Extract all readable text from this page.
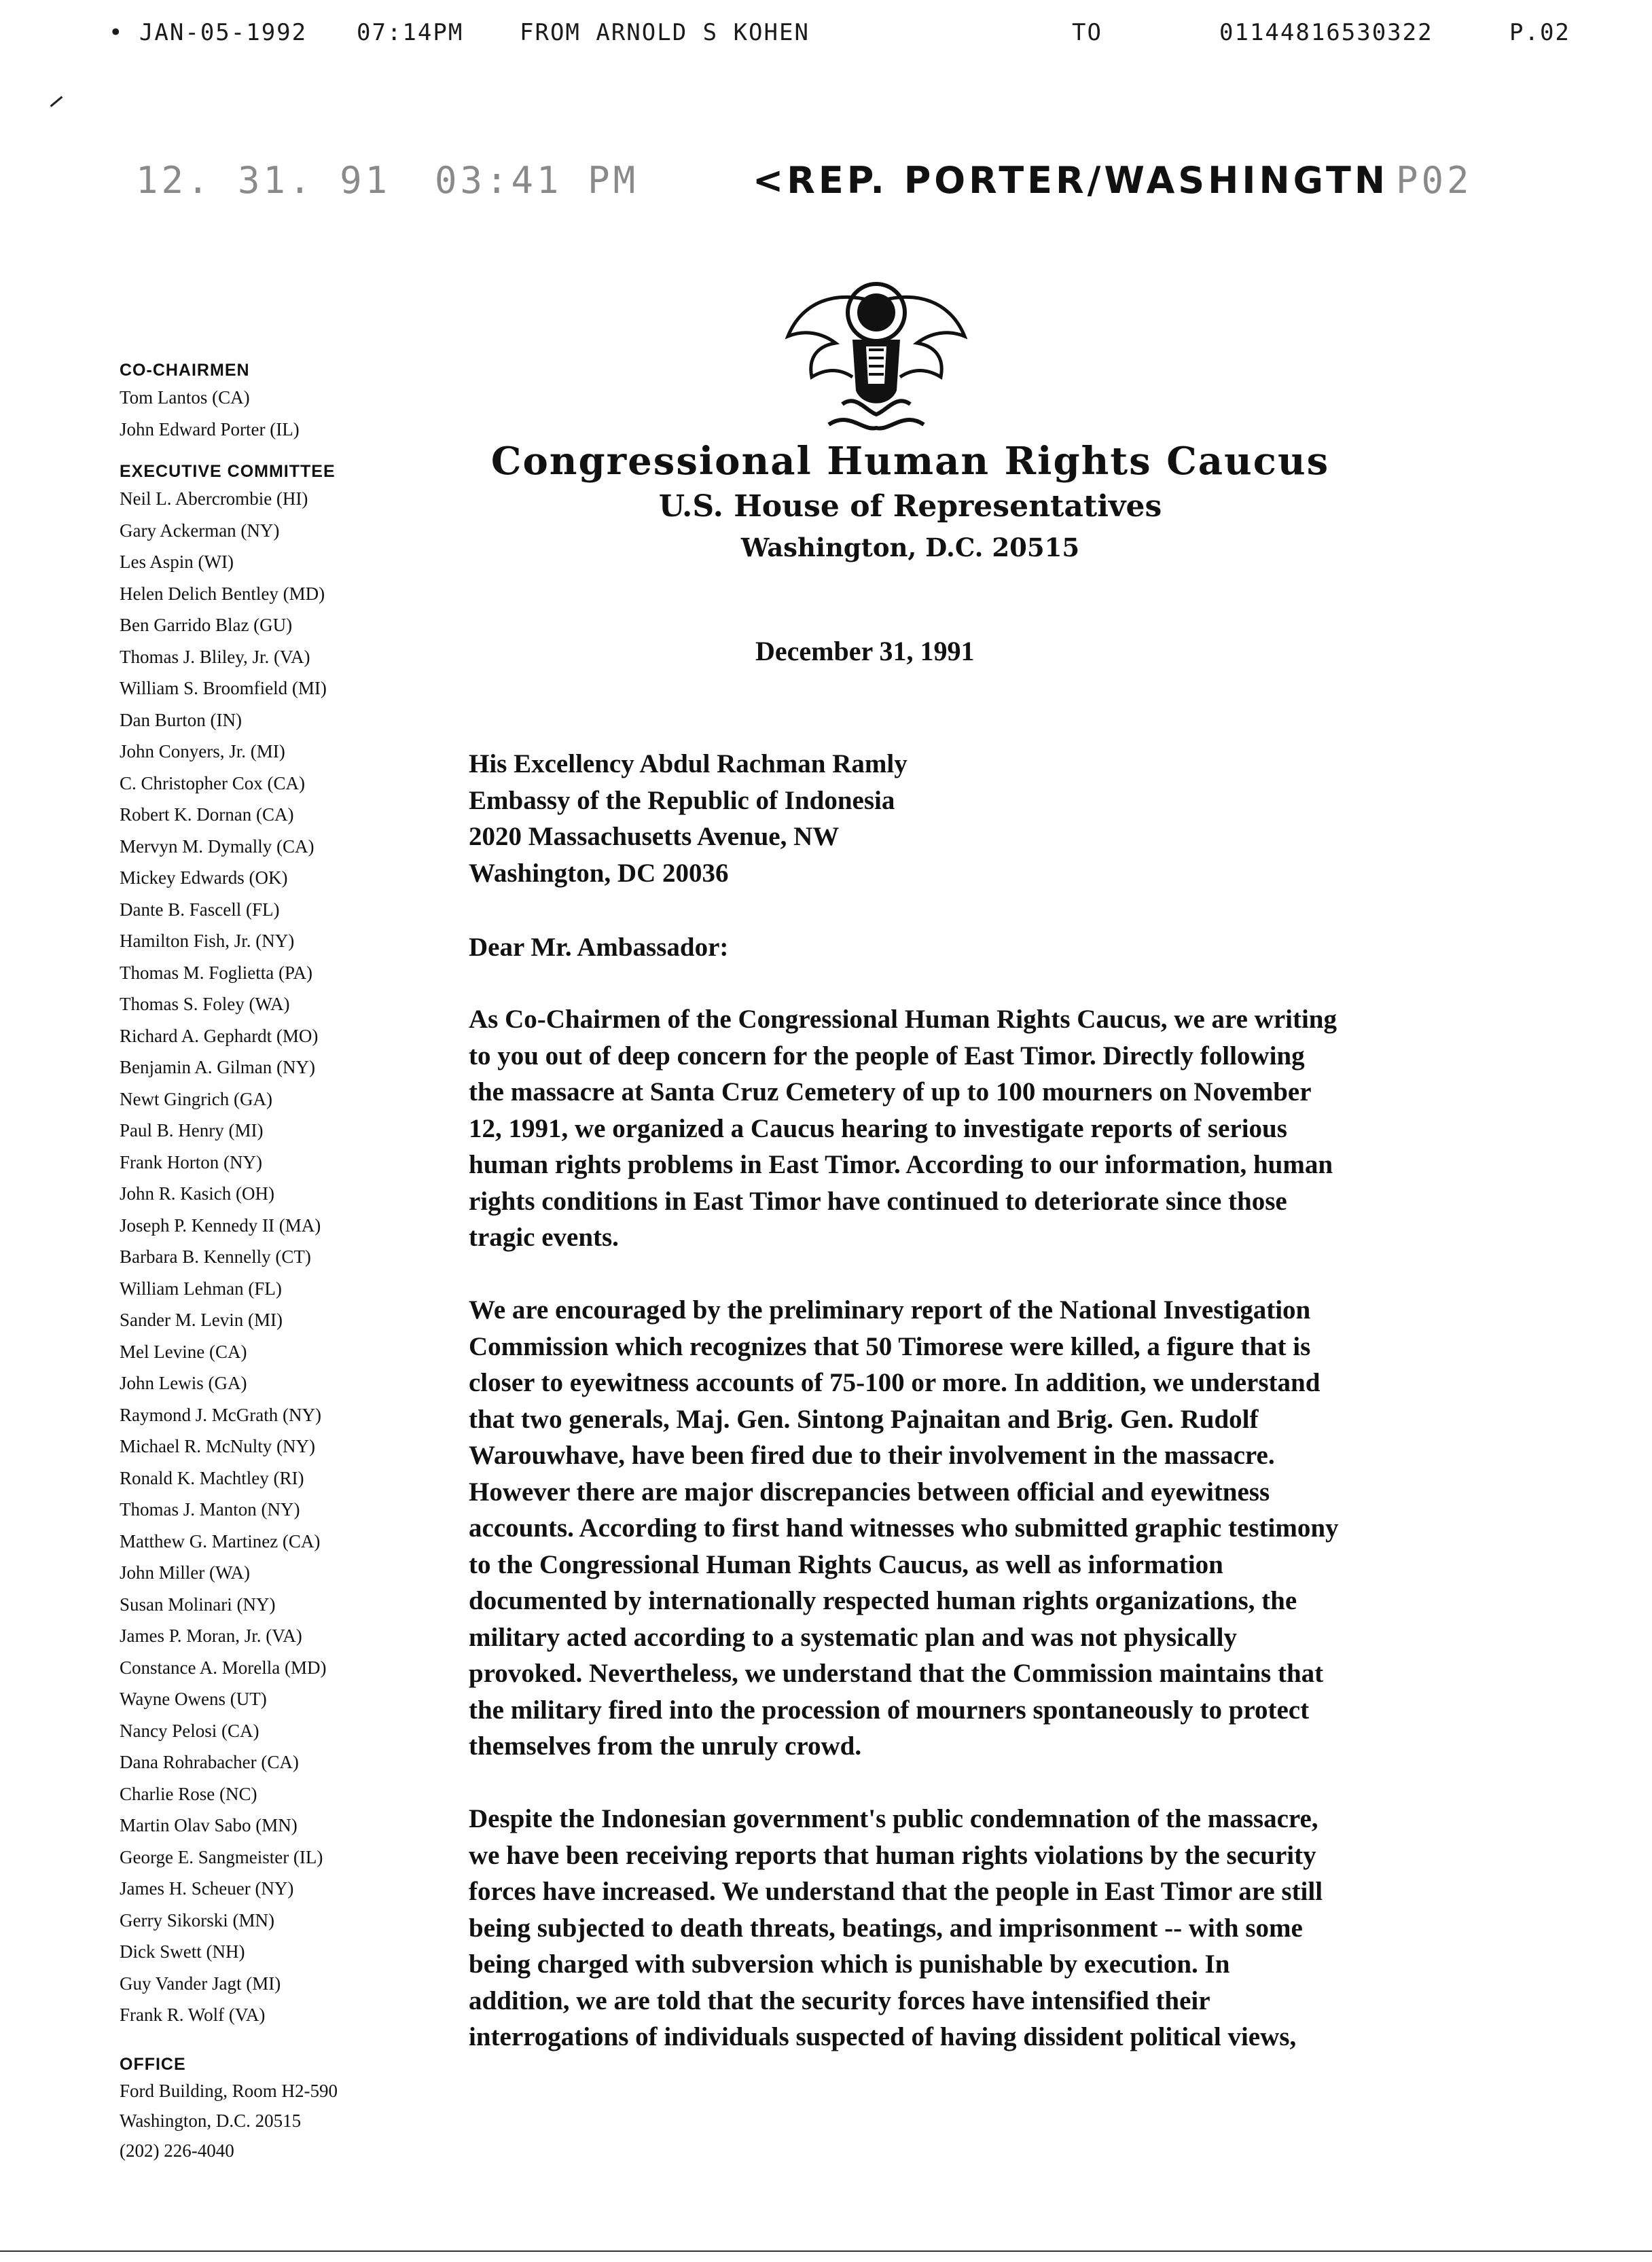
• JAN-05-1992 07:14PM FROM ARNOLD S KOHEN	TO	01144816530322	P.02
12. 31. 91 03:41 PM	<REP. PORTER/WASHINGTN P02
Congressional Human Rights Caucus
U.S. House of Representatives
Washington, D.C. 20515
CO-CHAIRMEN
Tom Lantos (CA)
John Edward Porter (IL)
EXECUTIVE COMMITTEE
Neil L. Abercrombie (HI)
Gary Ackerman (NY)
Les Aspin (WI)
Helen Delich Bentley (MD)
Ben Garrido Blaz (GU)
Thomas J. Bliley, Jr. (VA)
William S. Broomfield (MI)
Dan Burton (IN)
John Conyers, Jr. (MI)
C. Christopher Cox (CA)
Robert K. Dornan (CA)
Mervyn M. Dymally (CA)
Mickey Edwards (OK)
Dante B. Fascell (FL)
Hamilton Fish, Jr. (NY)
Thomas M. Foglietta (PA)
Thomas S. Foley (WA)
Richard A. Gephardt (MO)
Benjamin A. Gilman (NY)
Newt Gingrich (GA)
Paul B. Henry (MI)
Frank Horton (NY)
John R. Kasich (OH)
Joseph P. Kennedy II (MA)
Barbara B. Kennelly (CT)
William Lehman (FL)
Sander M. Levin (MI)
Mel Levine (CA)
John Lewis (GA)
Raymond J. McGrath (NY)
Michael R. McNulty (NY)
Ronald K. Machtley (RI)
Thomas J. Manton (NY)
Matthew G. Martinez (CA)
John Miller (WA)
Susan Molinari (NY)
James P. Moran, Jr. (VA)
Constance A. Morella (MD)
Wayne Owens (UT)
Nancy Pelosi (CA)
Dana Rohrabacher (CA)
Charlie Rose (NC)
Martin Olav Sabo (MN)
George E. Sangmeister (IL)
James H. Scheuer (NY)
Gerry Sikorski (MN)
Dick Swett (NH)
Guy Vander Jagt (MI)
Frank R. Wolf (VA)
OFFICE
Ford Building, Room H2-590
Washington, D.C. 20515
(202) 226-4040
December 31, 1991
His Excellency Abdul Rachman Ramly
Embassy of the Republic of Indonesia
2020 Massachusetts Avenue, NW
Washington, DC 20036
Dear Mr. Ambassador:
As Co-Chairmen of the Congressional Human Rights Caucus, we are writing
to you out of deep concern for the people of East Timor. Directly following
the massacre at Santa Cruz Cemetery of up to 100 mourners on November
12, 1991, we organized a Caucus hearing to investigate reports of serious
human rights problems in East Timor. According to our information, human
rights conditions in East Timor have continued to deteriorate since those
tragic events.
We are encouraged by the preliminary report of the National Investigation
Commission which recognizes that 50 Timorese were killed, a figure that is
closer to eyewitness accounts of 75-100 or more. In addition, we understand
that two generals, Maj. Gen. Sintong Pajnaitan and Brig. Gen. Rudolf
Warouwhave, have been fired due to their involvement in the massacre.
However there are major discrepancies between official and eyewitness
accounts. According to first hand witnesses who submitted graphic testimony
to the Congressional Human Rights Caucus, as well as information
documented by internationally respected human rights organizations, the
military acted according to a systematic plan and was not physically
provoked. Nevertheless, we understand that the Commission maintains that
the military fired into the procession of mourners spontaneously to protect
themselves from the unruly crowd.
Despite the Indonesian government's public condemnation of the massacre,
we have been receiving reports that human rights violations by the security
forces have increased. We understand that the people in East Timor are still
being subjected to death threats, beatings, and imprisonment -- with some
being charged with subversion which is punishable by execution. In
addition, we are told that the security forces have intensified their
interrogations of individuals suspected of having dissident political views,
